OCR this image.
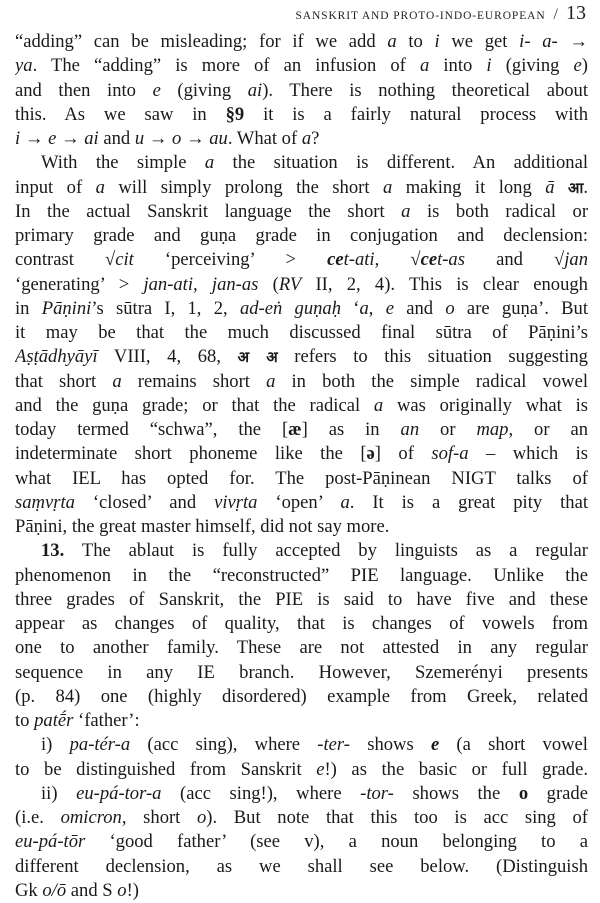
SANSKRIT AND PROTO-INDO-EUROPEAN / 13
“adding” can be misleading; for if we add a to i we get i- a- →
ya. The “adding” is more of an infusion of a into i (giving e)
and then into e (giving ai). There is nothing theoretical about
this. As we saw in §9 it is a fairly natural process with
i → e → ai and u → o → au. What of a?
With the simple a the situation is different. An additional
input of a will simply prolong the short a making it long ā आ.
In the actual Sanskrit language the short a is both radical or
primary grade and guṇa grade in conjugation and declension:
contrast √cit ‘perceiving’ > cet-ati, √cet-as and √jan
‘generating’ > jan-ati, jan-as (RV II, 2, 4). This is clear enough
in Pāṇini’s sūtra I, 1, 2, ad-eṅ guṇaḥ ‘a, e and o are guṇa’. But
it may be that the much discussed final sūtra of Pāṇini’s
Aṣṭādhyāyī VIII, 4, 68, अ अ refers to this situation suggesting
that short a remains short a in both the simple radical vowel
and the guṇa grade; or that the radical a was originally what is
today termed “schwa”, the [æ] as in an or map, or an
indeterminate short phoneme like the [ə] of sof-a – which is
what IEL has opted for. The post-Pāṇinean NIGT talks of
saṃvṛta ‘closed’ and vivṛta ‘open’ a. It is a great pity that
Pāṇini, the great master himself, did not say more.
13. The ablaut is fully accepted by linguists as a regular
phenomenon in the “reconstructed” PIE language. Unlike the
three grades of Sanskrit, the PIE is said to have five and these
appear as changes of quality, that is changes of vowels from
one to another family. These are not attested in any regular
sequence in any IE branch. However, Szemerényi presents
(p. 84) one (highly disordered) example from Greek, related
to patḗr ‘father’:
i) pa-tér-a (acc sing), where -ter- shows e (a short vowel
to be distinguished from Sanskrit e!) as the basic or full grade.
ii) eu-pá-tor-a (acc sing!), where -tor- shows the o grade
(i.e. omicron, short o). But note that this too is acc sing of
eu-pá-tōr ‘good father’ (see v), a noun belonging to a
different declension, as we shall see below. (Distinguish
Gk o/ō and S o!)
